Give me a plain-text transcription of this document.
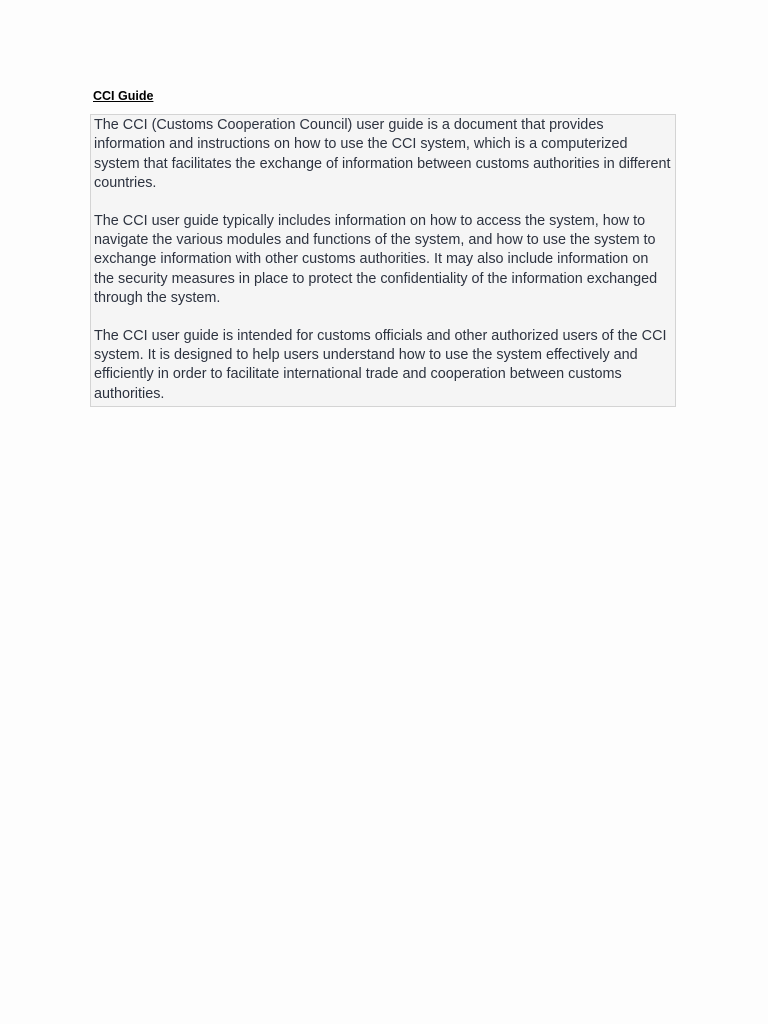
CCI Guide

The CCI (Customs Cooperation Council) user guide is a document that provides information and instructions on how to use the CCI system, which is a computerized system that facilitates the exchange of information between customs authorities in different countries.

The CCI user guide typically includes information on how to access the system, how to navigate the various modules and functions of the system, and how to use the system to exchange information with other customs authorities. It may also include information on the security measures in place to protect the confidentiality of the information exchanged through the system.

The CCI user guide is intended for customs officials and other authorized users of the CCI system. It is designed to help users understand how to use the system effectively and efficiently in order to facilitate international trade and cooperation between customs authorities.
